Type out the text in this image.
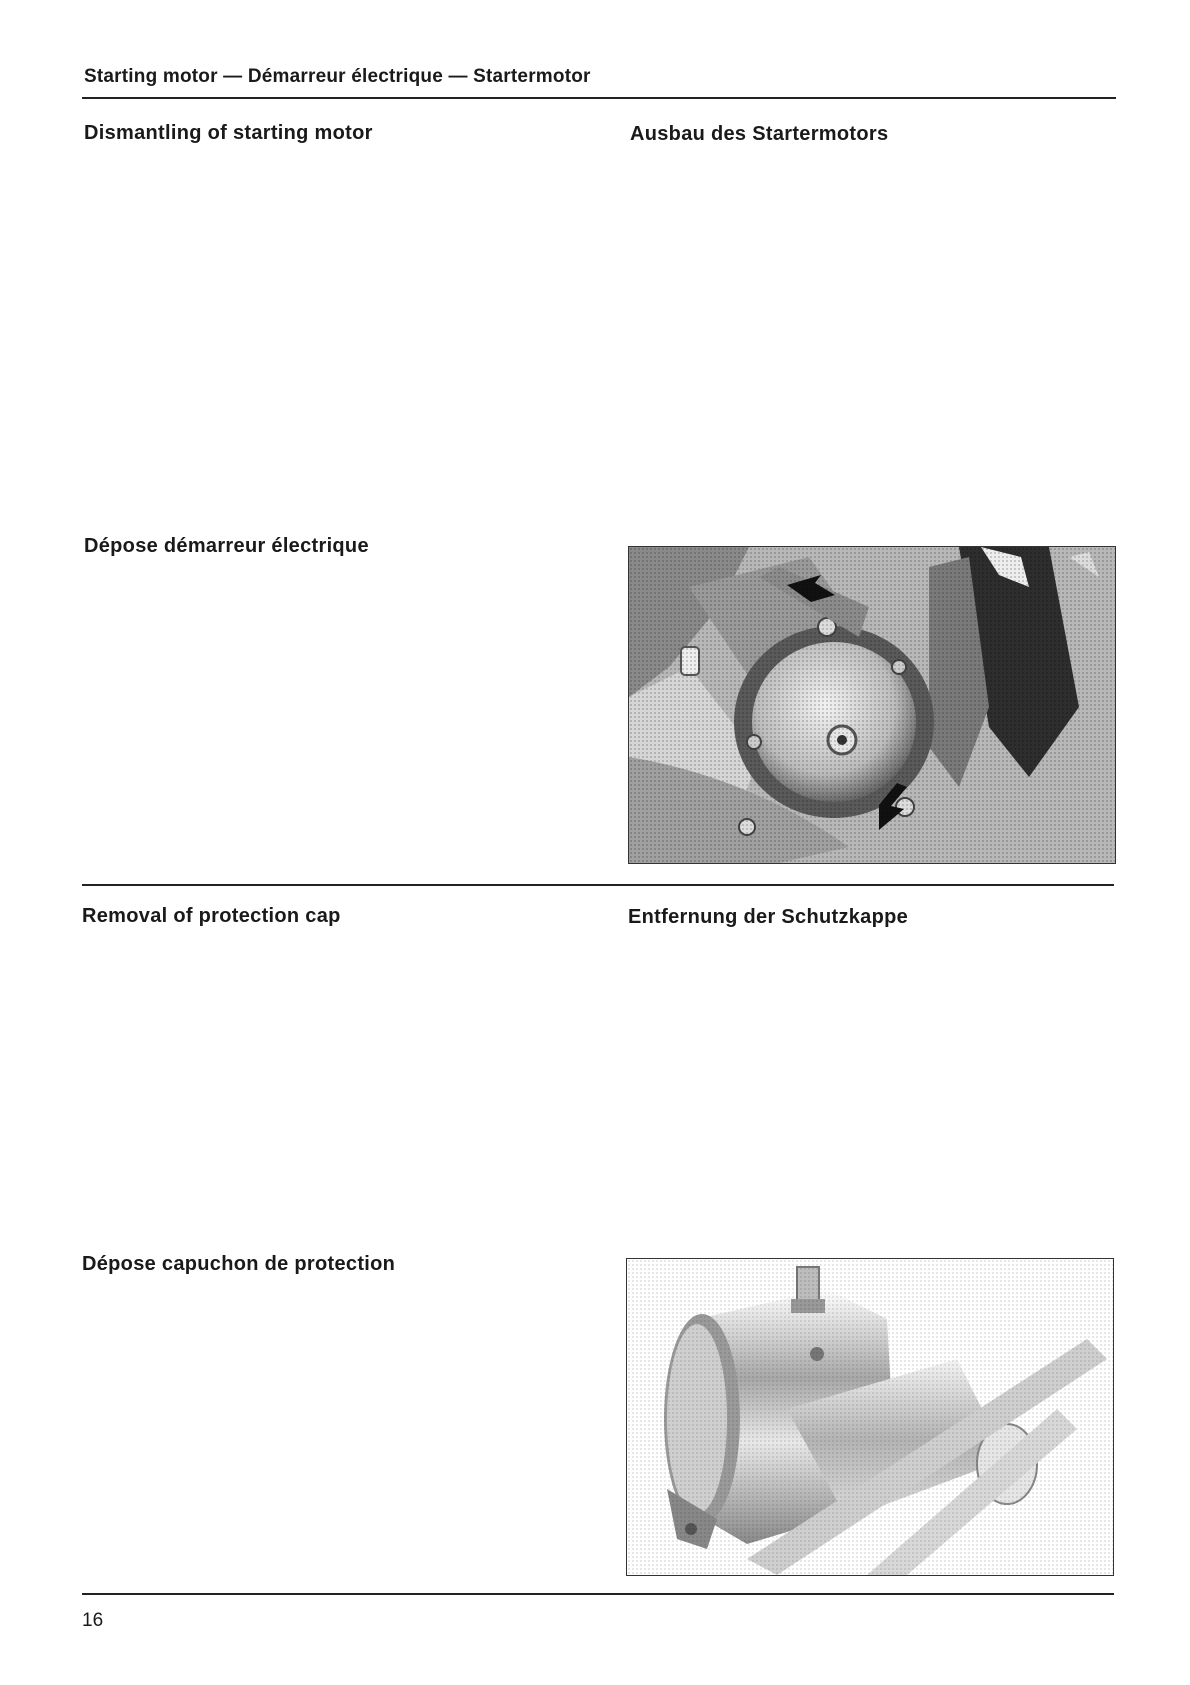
Starting motor — Démarreur électrique — Startermotor
Dismantling of starting motor	Ausbau des Startermotors
Dépose démarreur électrique
Removal of protection cap	Entfernung der Schutzkappe
Dépose capuchon de protection
16
